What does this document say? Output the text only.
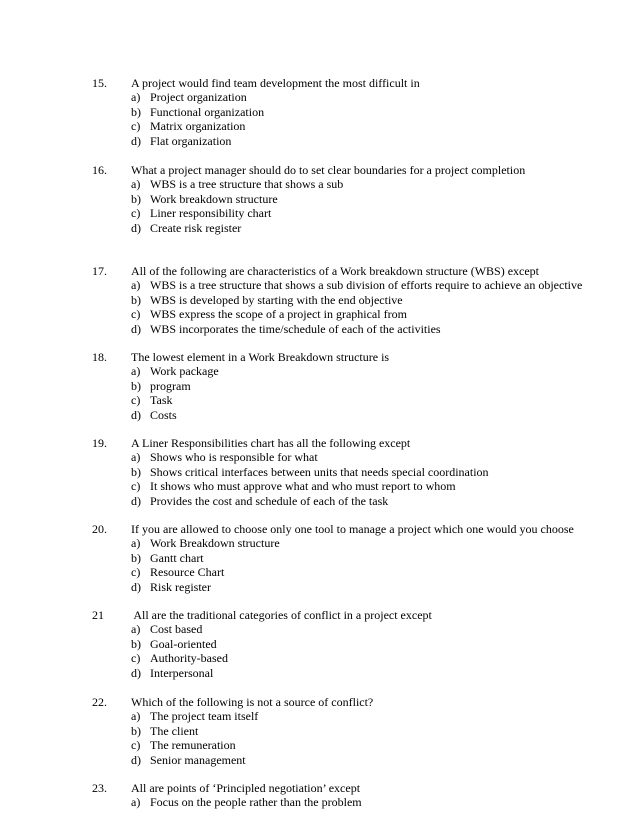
15. A project would find team development the most difficult in
a) Project organization
b) Functional organization
c) Matrix organization
d) Flat organization
16. What a project manager should do to set clear boundaries for a project completion
a) WBS is a tree structure that shows a sub
b) Work breakdown structure
c) Liner responsibility chart
d) Create risk register
17. All of the following are characteristics of a Work breakdown structure (WBS) except
a) WBS is a tree structure that shows a sub division of efforts require to achieve an objective
b) WBS is developed by starting with the end objective
c) WBS express the scope of a project in graphical from
d) WBS incorporates the time/schedule of each of the activities
18. The lowest element in a Work Breakdown structure is
a) Work package
b) program
c) Task
d) Costs
19. A Liner Responsibilities chart has all the following except
a) Shows who is responsible for what
b) Shows critical interfaces between units that needs special coordination
c) It shows who must approve what and who must report to whom
d) Provides the cost and schedule of each of the task
20. If you are allowed to choose only one tool to manage a project which one would you choose
a) Work Breakdown structure
b) Gantt chart
c) Resource Chart
d) Risk register
21 All are the traditional categories of conflict in a project except
a) Cost based
b) Goal-oriented
c) Authority-based
d) Interpersonal
22. Which of the following is not a source of conflict?
a) The project team itself
b) The client
c) The remuneration
d) Senior management
23. All are points of ‘Principled negotiation’ except
a) Focus on the people rather than the problem
